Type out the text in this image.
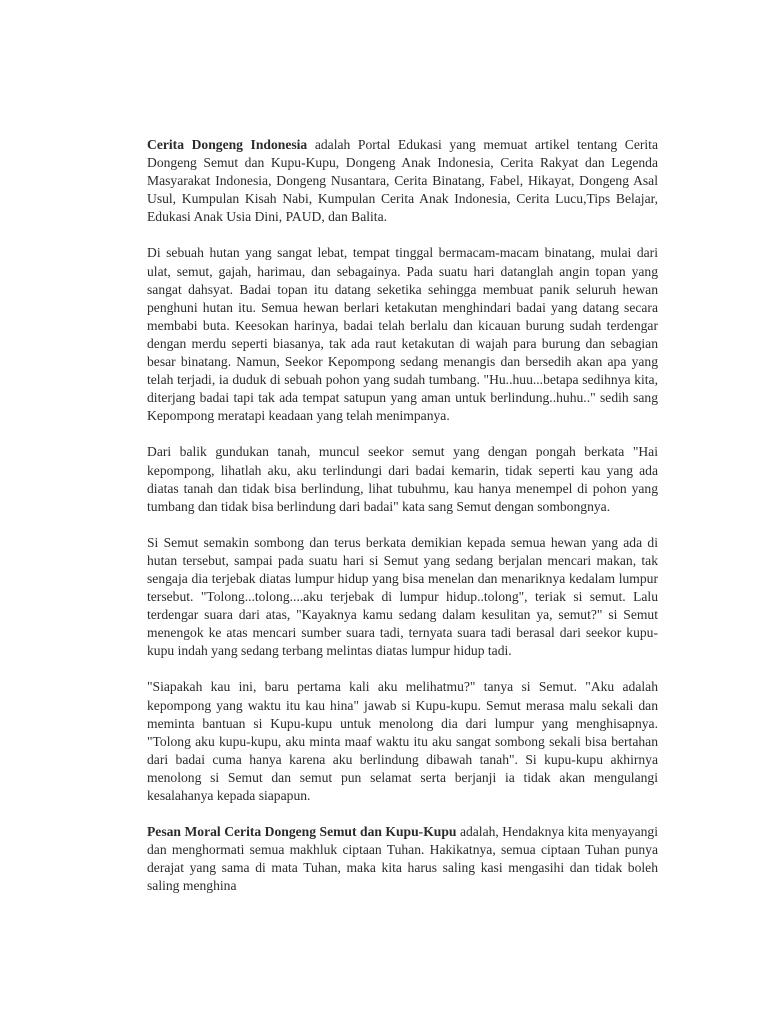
Cerita Dongeng Indonesia adalah Portal Edukasi yang memuat artikel tentang Cerita Dongeng Semut dan Kupu-Kupu, Dongeng Anak Indonesia, Cerita Rakyat dan Legenda Masyarakat Indonesia, Dongeng Nusantara, Cerita Binatang, Fabel, Hikayat, Dongeng Asal Usul, Kumpulan Kisah Nabi, Kumpulan Cerita Anak Indonesia, Cerita Lucu,Tips Belajar, Edukasi Anak Usia Dini, PAUD, dan Balita.

Di sebuah hutan yang sangat lebat, tempat tinggal bermacam-macam binatang, mulai dari ulat, semut, gajah, harimau, dan sebagainya. Pada suatu hari datanglah angin topan yang sangat dahsyat. Badai topan itu datang seketika sehingga membuat panik seluruh hewan penghuni hutan itu. Semua hewan berlari ketakutan menghindari badai yang datang secara membabi buta. Keesokan harinya, badai telah berlalu dan kicauan burung sudah terdengar dengan merdu seperti biasanya, tak ada raut ketakutan di wajah para burung dan sebagian besar binatang. Namun, Seekor Kepompong sedang menangis dan bersedih akan apa yang telah terjadi, ia duduk di sebuah pohon yang sudah tumbang. "Hu..huu...betapa sedihnya kita, diterjang badai tapi tak ada tempat satupun yang aman untuk berlindung..huhu.." sedih sang Kepompong meratapi keadaan yang telah menimpanya.

Dari balik gundukan tanah, muncul seekor semut yang dengan pongah berkata "Hai kepompong, lihatlah aku, aku terlindungi dari badai kemarin, tidak seperti kau yang ada diatas tanah dan tidak bisa berlindung, lihat tubuhmu, kau hanya menempel di pohon yang tumbang dan tidak bisa berlindung dari badai" kata sang Semut dengan sombongnya.

Si Semut semakin sombong dan terus berkata demikian kepada semua hewan yang ada di hutan tersebut, sampai pada suatu hari si Semut yang sedang berjalan mencari makan, tak sengaja dia terjebak diatas lumpur hidup yang bisa menelan dan menariknya kedalam lumpur tersebut. "Tolong...tolong....aku terjebak di lumpur hidup..tolong", teriak si semut. Lalu terdengar suara dari atas, "Kayaknya kamu sedang dalam kesulitan ya, semut?" si Semut menengok ke atas mencari sumber suara tadi, ternyata suara tadi berasal dari seekor kupu-kupu indah yang sedang terbang melintas diatas lumpur hidup tadi.

"Siapakah kau ini, baru pertama kali aku melihatmu?" tanya si Semut. "Aku adalah kepompong yang waktu itu kau hina" jawab si Kupu-kupu. Semut merasa malu sekali dan meminta bantuan si Kupu-kupu untuk menolong dia dari lumpur yang menghisapnya. "Tolong aku kupu-kupu, aku minta maaf waktu itu aku sangat sombong sekali bisa bertahan dari badai cuma hanya karena aku berlindung dibawah tanah". Si kupu-kupu akhirnya menolong si Semut dan semut pun selamat serta berjanji ia tidak akan mengulangi kesalahanya kepada siapapun.

Pesan Moral Cerita Dongeng Semut dan Kupu-Kupu adalah, Hendaknya kita menyayangi dan menghormati semua makhluk ciptaan Tuhan. Hakikatnya, semua ciptaan Tuhan punya derajat yang sama di mata Tuhan, maka kita harus saling kasi mengasihi dan tidak boleh saling menghina
